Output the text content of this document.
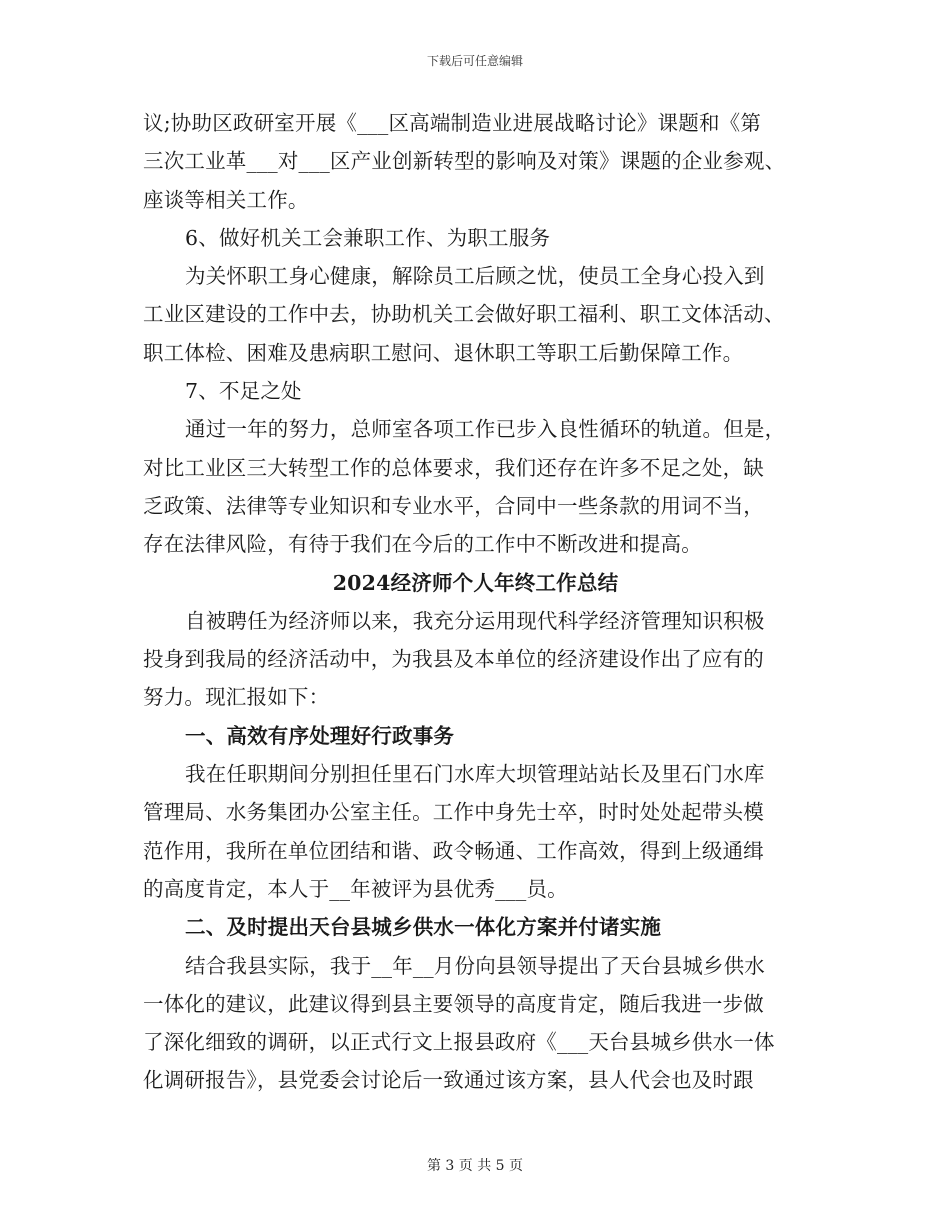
下载后可任意编辑
议;协助区政研室开展《___区高端制造业进展战略讨论》课题和《第
三次工业革___对___区产业创新转型的影响及对策》课题的企业参观、
座谈等相关工作。
6、做好机关工会兼职工作、为职工服务
为关怀职工身心健康，解除员工后顾之忧，使员工全身心投入到
工业区建设的工作中去，协助机关工会做好职工福利、职工文体活动、
职工体检、困难及患病职工慰问、退休职工等职工后勤保障工作。
7、不足之处
通过一年的努力，总师室各项工作已步入良性循环的轨道。但是，
对比工业区三大转型工作的总体要求，我们还存在许多不足之处，缺
乏政策、法律等专业知识和专业水平，合同中一些条款的用词不当，
存在法律风险，有待于我们在今后的工作中不断改进和提高。
2024经济师个人年终工作总结
自被聘任为经济师以来，我充分运用现代科学经济管理知识积极
投身到我局的经济活动中，为我县及本单位的经济建设作出了应有的
努力。现汇报如下：
一、高效有序处理好行政事务
我在任职期间分别担任里石门水库大坝管理站站长及里石门水库
管理局、水务集团办公室主任。工作中身先士卒，时时处处起带头模
范作用，我所在单位团结和谐、政令畅通、工作高效，得到上级通缉
的高度肯定，本人于__年被评为县优秀___员。
二、及时提出天台县城乡供水一体化方案并付诸实施
结合我县实际，我于__年__月份向县领导提出了天台县城乡供水
一体化的建议，此建议得到县主要领导的高度肯定，随后我进一步做
了深化细致的调研，以正式行文上报县政府《___天台县城乡供水一体
化调研报告》，县党委会讨论后一致通过该方案，县人代会也及时跟
第 3 页 共 5 页
